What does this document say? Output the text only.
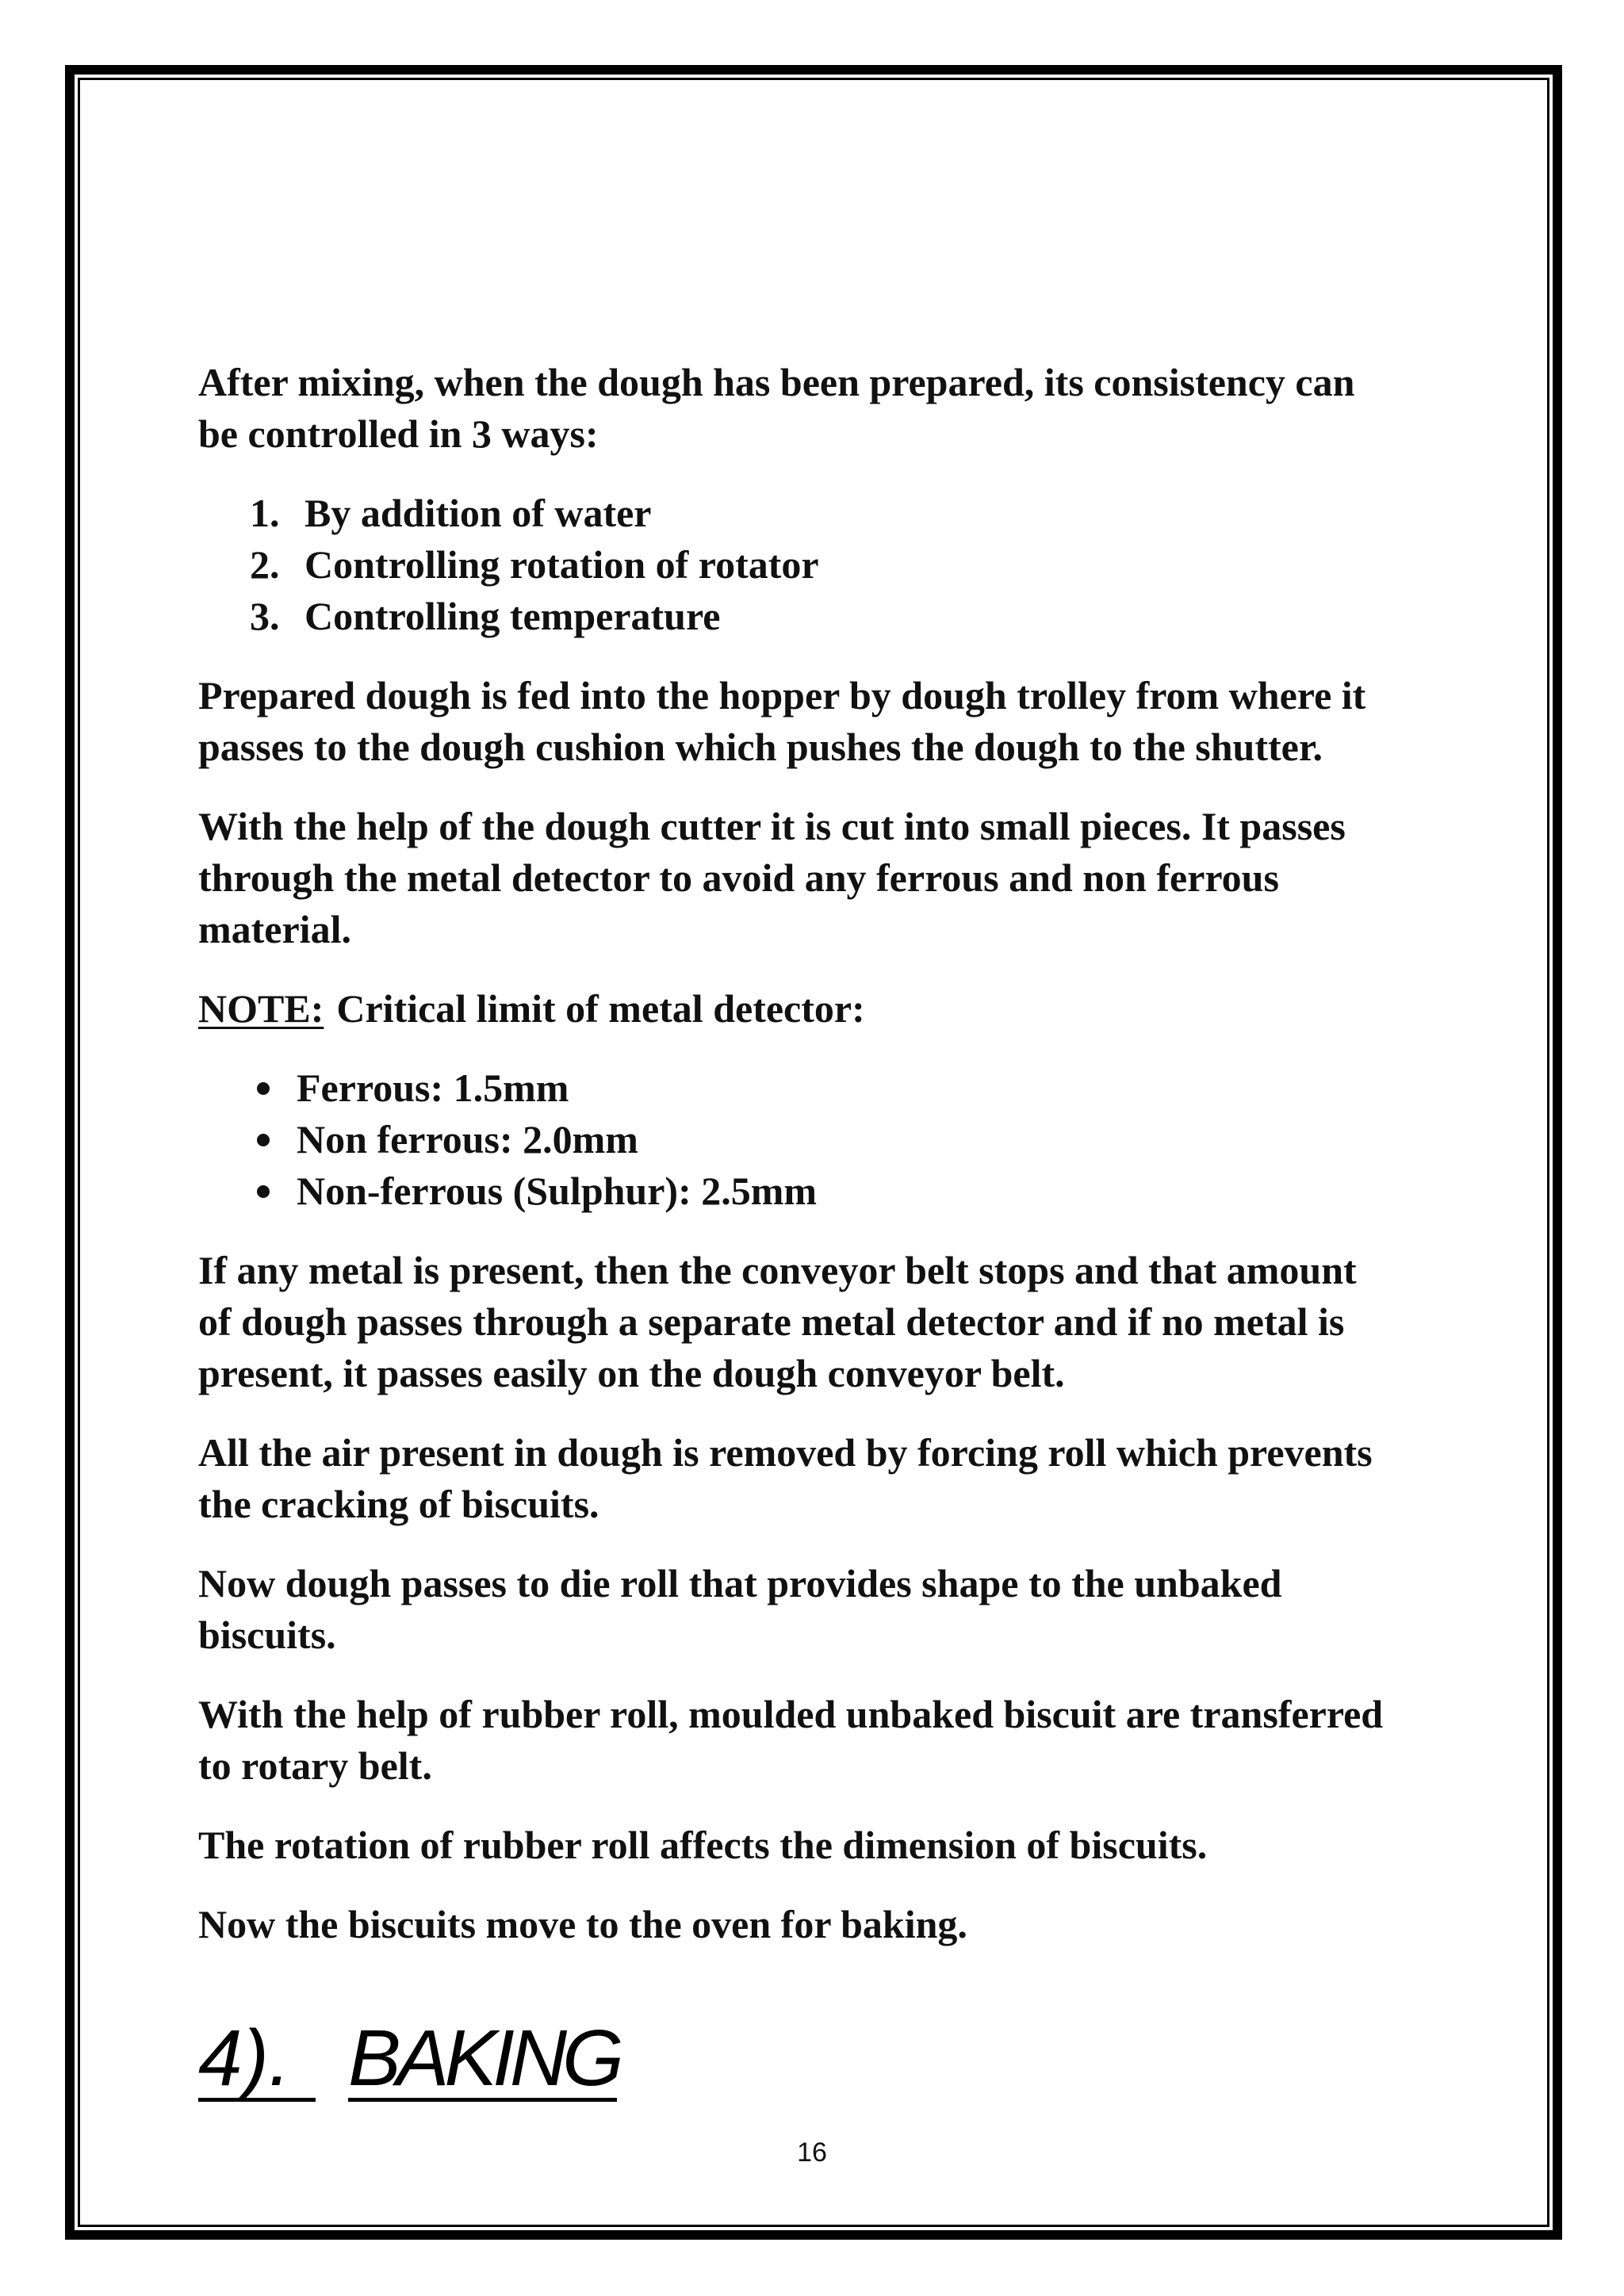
After mixing, when the dough has been prepared, its consistency can
be controlled in 3 ways:
1. By addition of water
2. Controlling rotation of rotator
3. Controlling temperature
Prepared dough is fed into the hopper by dough trolley from where it
passes to the dough cushion which pushes the dough to the shutter.
With the help of the dough cutter it is cut into small pieces. It passes
through the metal detector to avoid any ferrous and non ferrous
material.
NOTE: Critical limit of metal detector:
Ferrous: 1.5mm
Non ferrous: 2.0mm
Non-ferrous (Sulphur): 2.5mm
If any metal is present, then the conveyor belt stops and that amount
of dough passes through a separate metal detector and if no metal is
present, it passes easily on the dough conveyor belt.
All the air present in dough is removed by forcing roll which prevents
the cracking of biscuits.
Now dough passes to die roll that provides shape to the unbaked
biscuits.
With the help of rubber roll, moulded unbaked biscuit are transferred
to rotary belt.
The rotation of rubber roll affects the dimension of biscuits.
Now the biscuits move to the oven for baking.
4). BAKING
16
